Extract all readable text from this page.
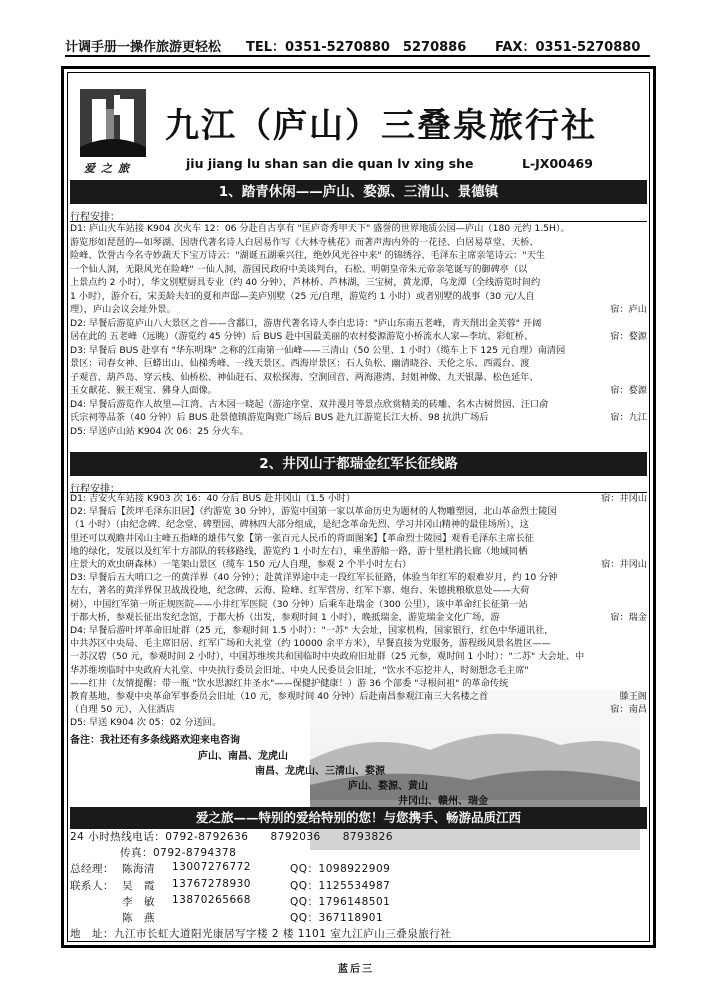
计调手册一操作旅游更轻松 TEL：0351-5270880　5270886 FAX：0351-5270880
爱之旅
九江（庐山）三叠泉旅行社
jiu jiang lu shan san die quan lv xing she	L-JX00469
1、踏青休闲——庐山、婺源、三清山、景德镇
行程安排：
D1: 庐山火车站接 K904 次火车 12：06 分赴自古享有 "匡庐奇秀甲天下" 盛誉的世界地质公园—庐山（180 元约 1.5H）。
游览形如琵琶的—如琴湖、因唐代著名诗人白居易作写《大林寺桃花》而著声海内外的一花径、白居易草堂、天桥、
险峰、饮誉古今名寺妙蔬天下宝万诗云："湖诞五湖乘兴往，绝妙风光谷中来" 的锦绣谷、毛泽东主席亲笔诗云："天生
一个仙人洞，无限风光在险峰" 一仙人洞，游国民政府中美谈判台，石松、明朝皇帝朱元帝亲笔诞写的御碑亭（以
上景点约 2 小时），华文别墅厨具专业（约 40 分钟），芦林桥、芦林湖，三宝树，黄龙潭，乌龙潭（全线游览时间约
1 小时），游介石，宋美龄夫妇的夏和声邸—美庐别墅（25 元/自理，游览约 1 小时）或者别墅的战事（30 元/人自
理），庐山会议会址外景。
D2: 早餐后游览庐山八大景区之首——含鄱口，游唐代著名诗人李白忠诗："庐山东南五老峰，青天削出金芙蓉" 开阔
居在此的 五老峰（远眺）（游览约 45 分钟）后 BUS 赴中国最美丽的农村婺源游览小桥流水人家—李坑、彩虹桥、
D3: 早餐后 BUS 赴享有 "华东明珠" 之称的江南第一仙峰——三清山（50 公里、1 小时）（缆车上下 125 元自理）南清园
景区：司春女神、巨蟒出山、仙梯秀峰、一线天景区、西海岸景区：石人负松、幽清晓谷、天伦之乐、西霞台、渡
子观音、葫芦岛、穿云栈、仙桥松、神仙赶石、双松探海、空涧回音、两海港湾、封姐神像、九天银瀑、松色延年、
玉女献花、猴王观宝、狒身人面像。
D4: 早餐后游览作人故里—江湾、古木园一晓起（游途序堂、双井漫月等景点欣赏精美的砖雕、名木古树贯园、汪口俞
氏宗祠等品茶（40 分钟）后 BUS 赴景德镇游览陶瓷广场后 BUS 赴九江游览长江大桥、98 抗洪广场后
D5: 早送庐山站 K904 次 06：25 分火车。
宿：庐山
宿：婺源
宿：婺源
宿：九江
2、井冈山于都瑞金红军长征线路
行程安排：
D1: 吉安火车站接 K903 次 16：40 分后 BUS 赴井冈山（1.5 小时）
D2: 早餐后【茨坪毛泽东旧居】（约游览 30 分钟），游览中国第一家以革命历史为题材的人物雕塑园，北山革命烈士陵园
（1 小时）（由纪念碑、纪念堂、碑塑园、碑林四大部分组成，是纪念革命先烈、学习井冈山精神的最佳场所），这
里还可以观瞻井冈山主峰五指峰的雄伟气象【第一张百元人民币的背面图案】【革命烈士陵园】观看毛泽东主席长征
地的绿化，发展以及红军十方部队的转移路线，游览约 1 小时左右），乘坐游船一路，游十里杜鹃长廊（地域同栖
庄景大的欢虫研森林）一笔架山景区（缆车 150 元/人自理，参观 2 个半小时左右）
D3: 早餐后五大哨口之一的黄洋界（40 分钟）；赴黄洋界途中走一段红军长征路，体验当年红军的艰难岁月，约 10 分钟
左右，著名的黄洋界保卫战战役地，纪念碑、云海、险峰、红军营房、红军下寨、炮台、朱德挑粮歇息处——大荷
树），中国红军第一所正规医院——小井红军医院（30 分钟）后乘车赴瑞金（300 公里），该中革命红长征第一站
于都大桥，参观长征出发纪念馆，于都大桥（出发，参观时间 1 小时），晚抵瑞金，游览瑞金文化广场，游
D4: 早餐后游叶坪革命旧址群（25 元，参观时间 1.5 小时）："一苏" 大会址，国家机构，国家银行，红色中华通讯社，
中共苏区中央局、毛主席旧居、红军广场和大礼堂（约 10000 余平方米），早餐直接为党服务，游程级风景名胜区——
一苏汉碧（50 元，参观时间 2 小时），中国苏维埃共和国临时中央政府旧址群（25 元参，观时间 1 小时）："二苏" 大会址、中
华苏维埃临时中央政府大礼堂、中央执行委员会旧址、中央人民委员会旧址，"饮水不忘挖井人，时刻想念毛主席"
——红井（友情提醒：带一瓶 "饮水思源红井圣水"——保健护健康！）游 36 个部委 "寻根问祖" 的革命传统
教育基地，参观中央革命军事委员会旧址（10 元，参观时间 40 分钟）后赴南昌参观江南三大名楼之首
（自理 50 元），入住酒店
D5: 早送 K904 次 05：02 分送回。
宿：井冈山
宿：井冈山
宿：瑞金
滕王阁
宿：南昌
备注：我社还有多条线路欢迎来电咨询
庐山、南昌、龙虎山
南昌、龙虎山、三清山、婺源
庐山、婺源、黄山
井冈山、赣州、瑞金
爱之旅——特别的爱给特别的您！与您携手、畅游品质江西
24 小时热线电话：0792-8792636　　8792036　　8793826
传真：0792-8794378
总经理： 陈海清 13007276772	QQ：1098922909
联系人： 吴　霞 13767278930	QQ：1125534987
李　敏 13870265668	QQ：1796148501
陈　燕	QQ：367118901
地　址：九江市长虹大道阳光康居写字楼 2 楼 1101 室九江庐山三叠泉旅行社
蓝后三
